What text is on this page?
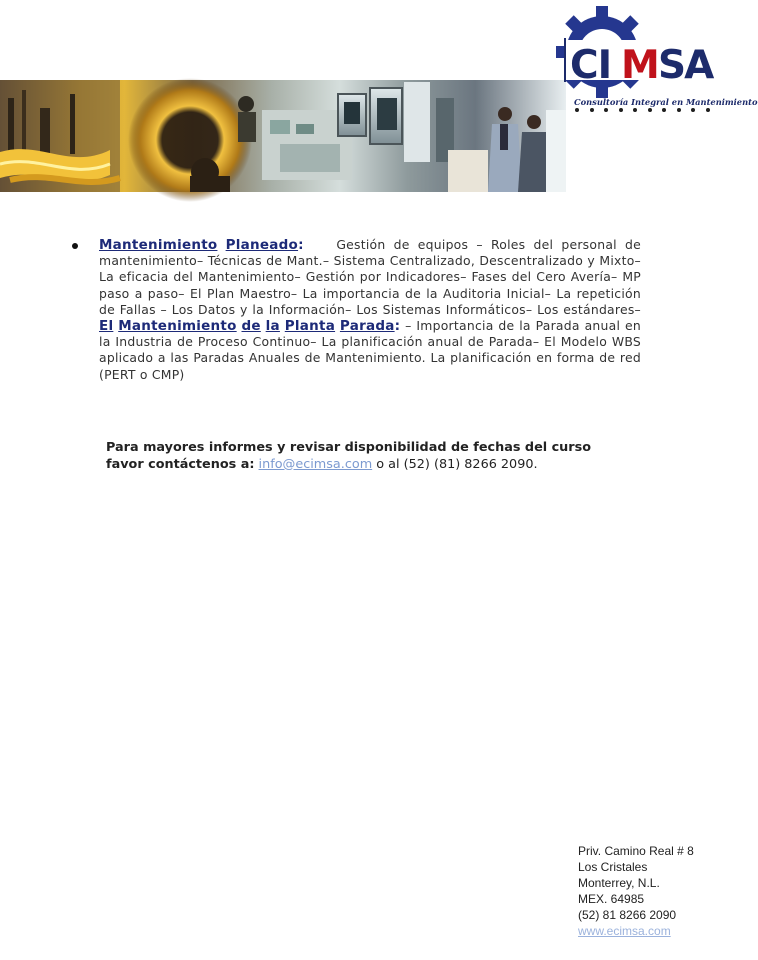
CI M
SA
Consultoría Integral en Mantenimiento
Mantenimiento Planeado:	Gestión de equipos – Roles del personal de mantenimiento– Técnicas de Mant.– Sistema Centralizado, Descentralizado y Mixto– La eficacia del Mantenimiento– Gestión por Indicadores– Fases del Cero Avería– MP paso a paso– El Plan Maestro– La importancia de la Auditoria Inicial– La repetición de Fallas – Los Datos y la Información– Los Sistemas Informáticos– Los estándares– El Mantenimiento de la Planta Parada: – Importancia de la Parada anual en la Industria de Proceso Continuo– La planificación anual de Parada– El Modelo WBS aplicado a las Paradas Anuales de Mantenimiento. La planificación en forma de red (PERT o CMP)
Para mayores informes y revisar disponibilidad de fechas del curso
favor contáctenos a: info@ecimsa.com o al (52) (81) 8266 2090.
Priv. Camino Real # 8
Los Cristales
Monterrey, N.L.
MEX. 64985
(52) 81 8266 2090
www.ecimsa.com
